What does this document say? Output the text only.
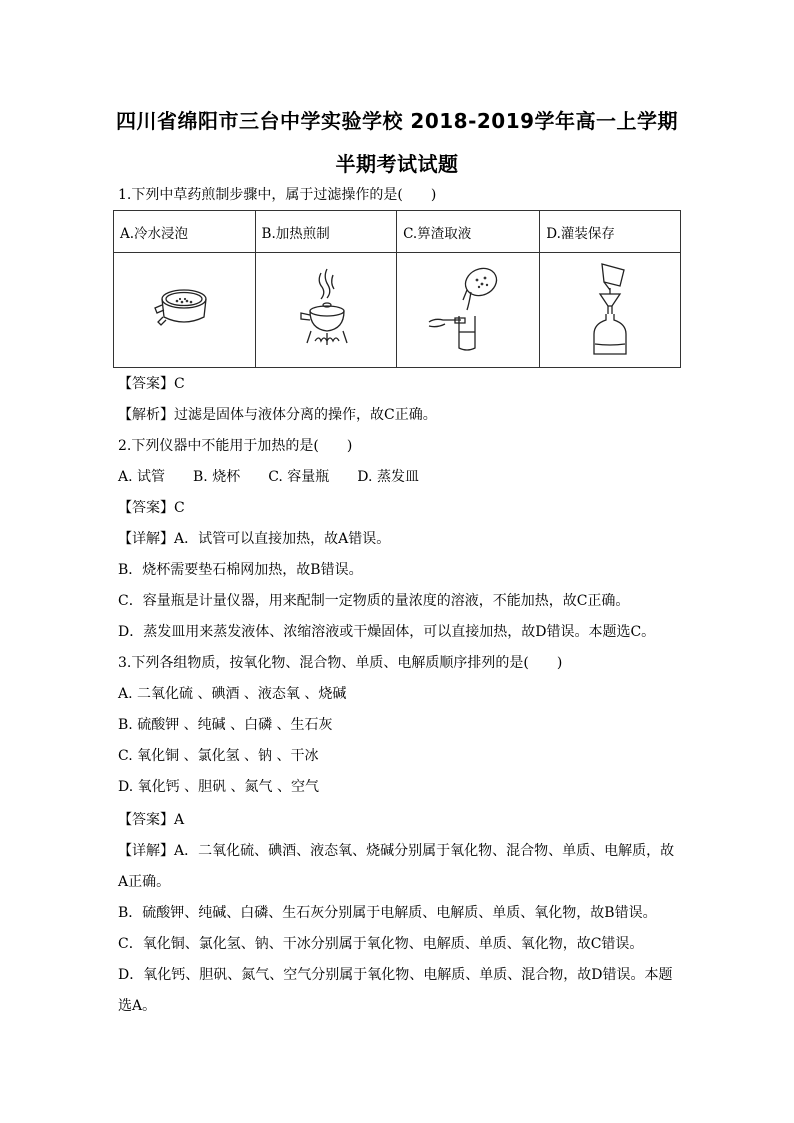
四川省绵阳市三台中学实验学校 2018-2019学年高一上学期
半期考试试题
1.下列中草药煎制步骤中，属于过滤操作的是(　　)
A.冷水浸泡	B.加热煎制	C.箅渣取液	D.灌装保存

【答案】C
【解析】过滤是固体与液体分离的操作，故C正确。
2.下列仪器中不能用于加热的是(　　)
A. 试管　　B. 烧杯　　C. 容量瓶　　D. 蒸发皿
【答案】C
【详解】A．试管可以直接加热，故A错误。
B．烧杯需要垫石棉网加热，故B错误。
C．容量瓶是计量仪器，用来配制一定物质的量浓度的溶液，不能加热，故C正确。
D．蒸发皿用来蒸发液体、浓缩溶液或干燥固体，可以直接加热，故D错误。本题选C。
3.下列各组物质，按氧化物、混合物、单质、电解质顺序排列的是(　　)
A. 二氧化硫 、碘酒 、液态氧 、烧碱
B. 硫酸钾 、纯碱 、白磷 、生石灰
C. 氧化铜 、氯化氢 、钠 、干冰
D. 氧化钙 、胆矾 、氮气 、空气
【答案】A
【详解】A．二氧化硫、碘酒、液态氧、烧碱分别属于氧化物、混合物、单质、电解质，故
A正确。
B．硫酸钾、纯碱、白磷、生石灰分别属于电解质、电解质、单质、氧化物，故B错误。
C．氧化铜、氯化氢、钠、干冰分别属于氧化物、电解质、单质、氧化物，故C错误。
D．氧化钙、胆矾、氮气、空气分别属于氧化物、电解质、单质、混合物，故D错误。本题
选A。
